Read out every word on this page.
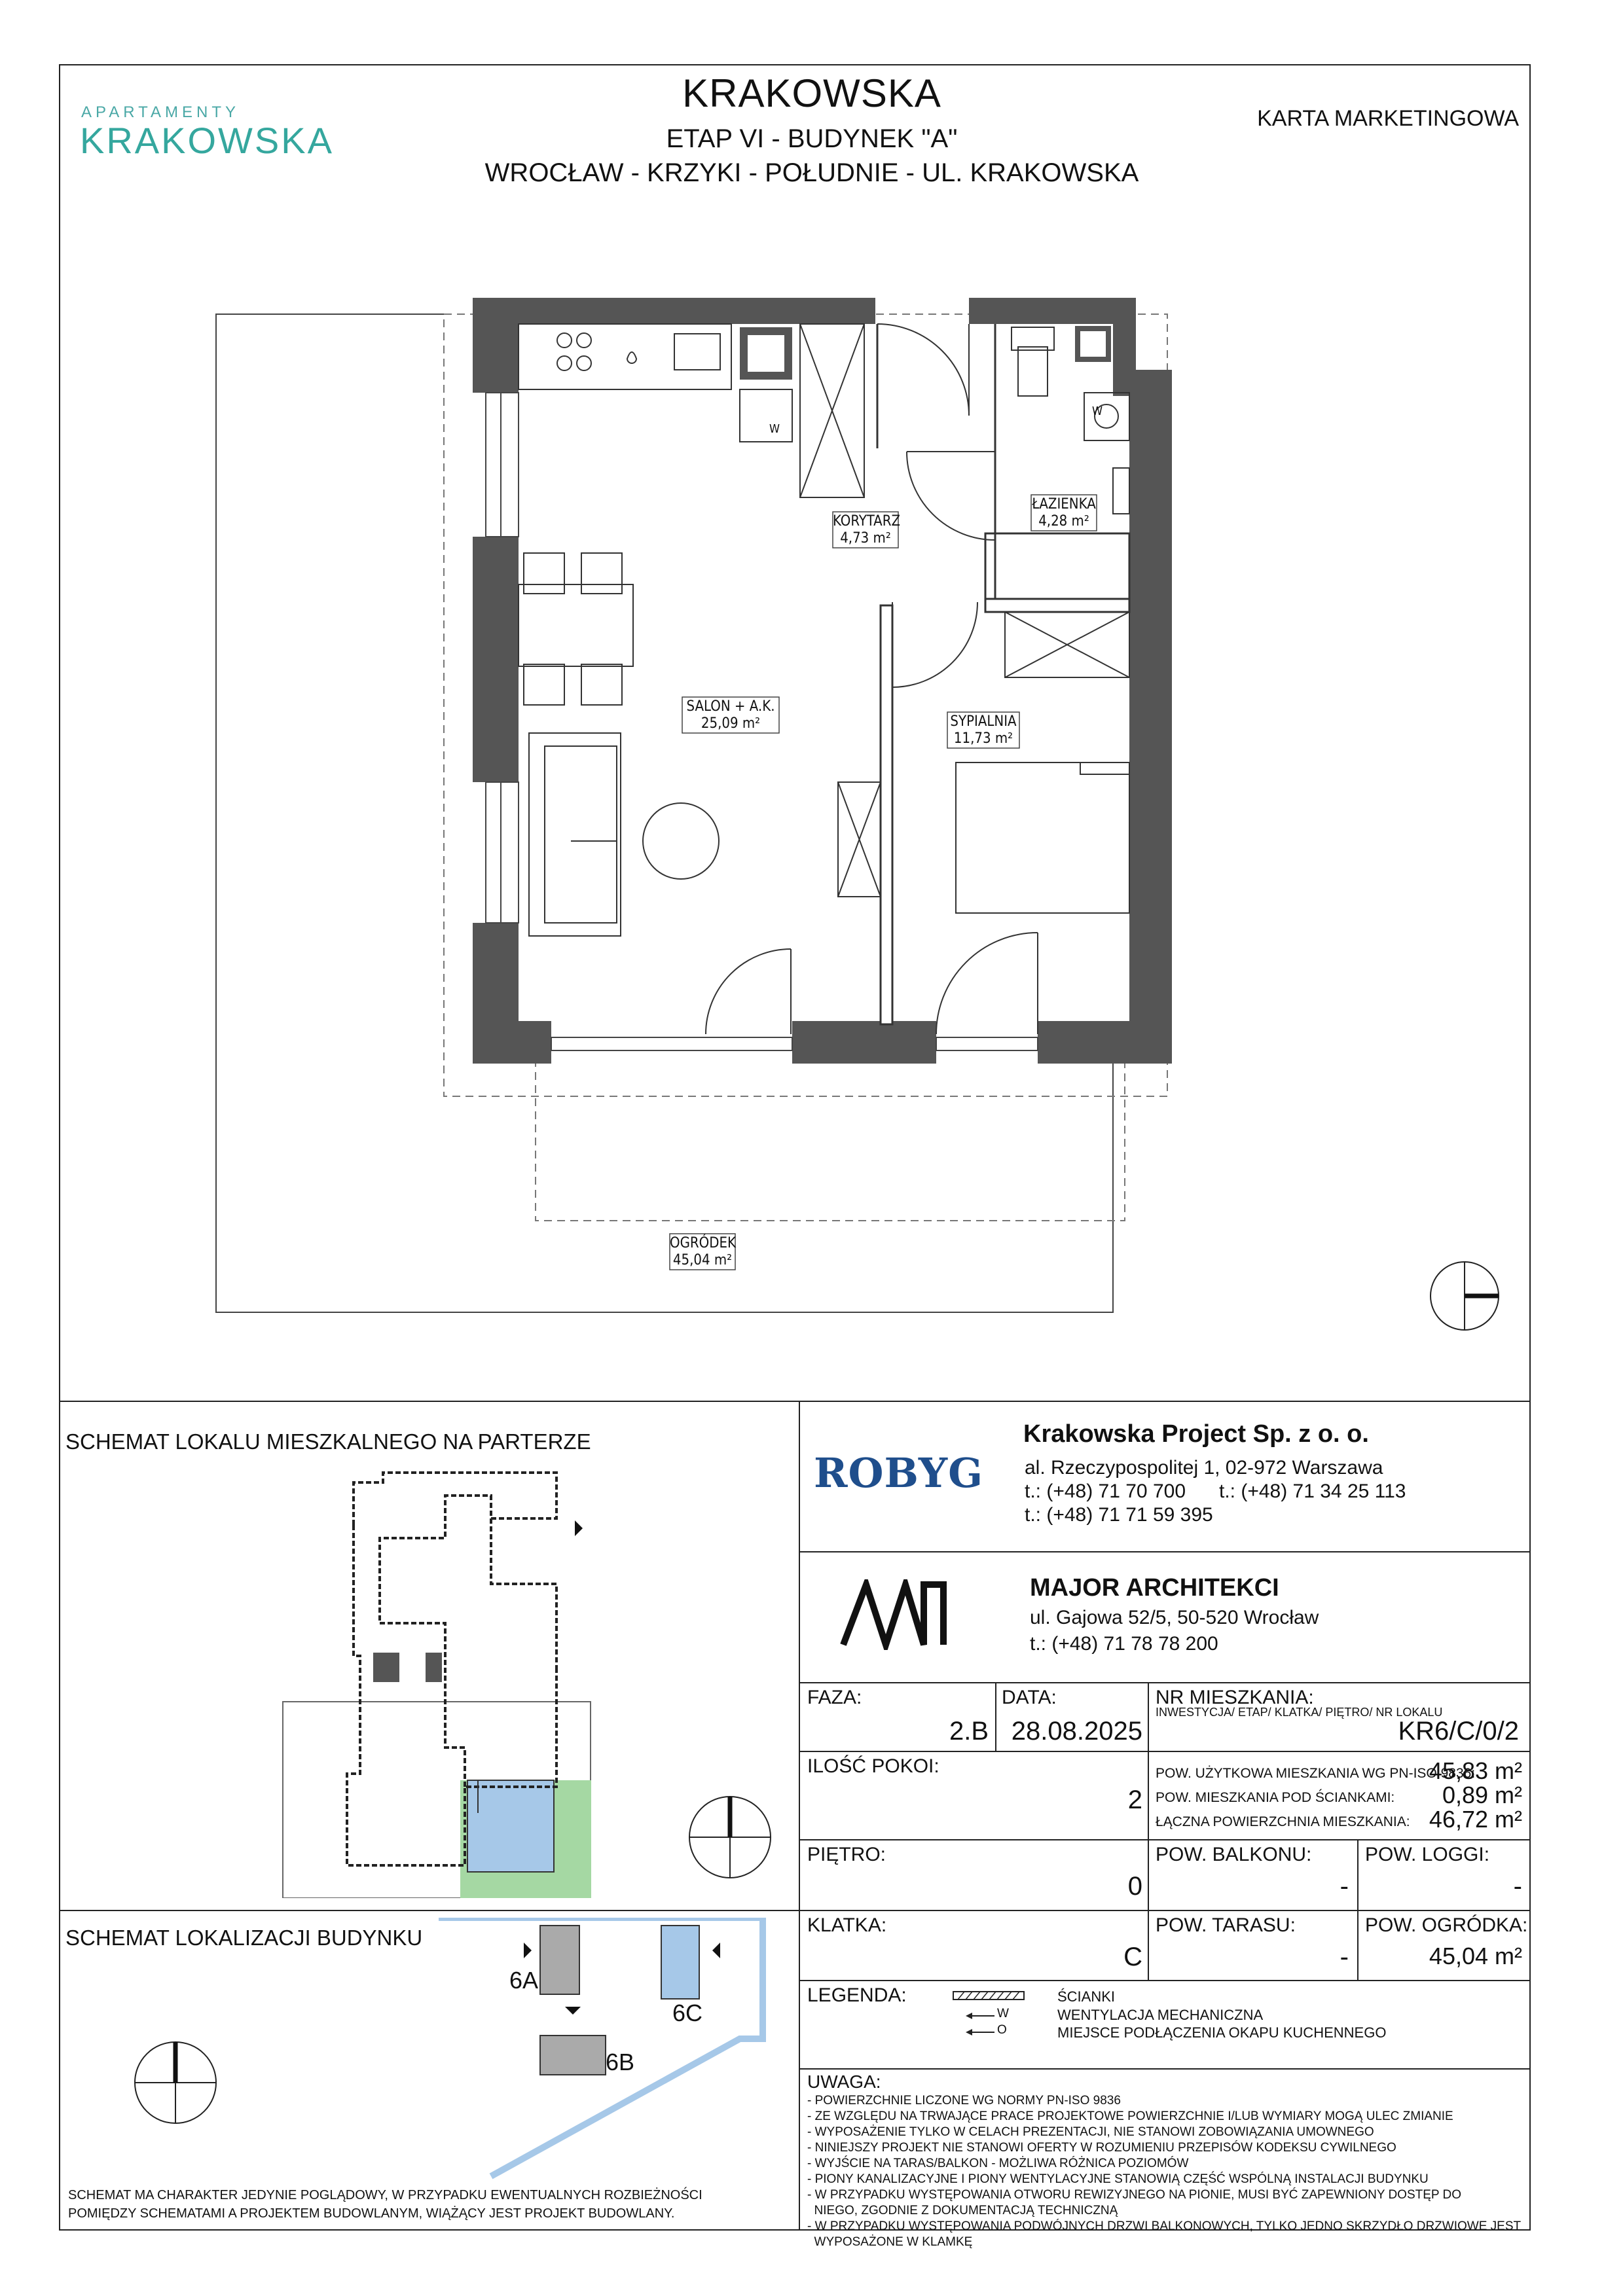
APARTAMENTY
KRAKOWSKA
KRAKOWSKA
ETAP VI - BUDYNEK "A"
WROCŁAW - KRZYKI - POŁUDNIE - UL. KRAKOWSKA
KARTA MARKETINGOWA
KORYTARZ
4,73 m²
ŁAZIENKA
4,28 m²
SALON + A.K.
25,09 m²	SYPIALNIA
11,73 m²
OGRÓDEK
45,04 m²
W
W
SCHEMAT LOKALU MIESZKALNEGO NA PARTERZE
SCHEMAT LOKALIZACJI BUDYNKU
6A
6B
6C
SCHEMAT MA CHARAKTER JEDYNIE POGLĄDOWY, W PRZYPADKU EWENTUALNYCH ROZBIEŻNOŚCI POMIĘDZY SCHEMATAMI A PROJEKTEM BUDOWLANYM, WIĄŻĄCY JEST PROJEKT BUDOWLANY.
ROBYG
Krakowska Project Sp. z o. o.
al. Rzeczypospolitej 1, 02-972 Warszawa
t.: (+48) 71 70 700 t.: (+48) 71 34 25 113
t.: (+48) 71 71 59 395
MAJOR ARCHITEKCI
ul. Gajowa 52/5, 50-520 Wrocław
t.: (+48) 71 78 78 200
FAZA:
2.B
DATA:
28.08.2025
NR MIESZKANIA:
INWESTYCJA/ ETAP/ KLATKA/ PIĘTRO/ NR LOKALU
KR6/C/0/2
ILOŚĆ POKOI:
2
POW. UŻYTKOWA MIESZKANIA WG PN-ISO 9836:
45,83 m²
POW. MIESZKANIA POD ŚCIANKAMI:	0,89 m²
ŁĄCZNA POWIERZCHNIA MIESZKANIA: 46,72 m²
PIĘTRO:
0
POW. BALKONU:
-
POW. LOGGI:
-
KLATKA:
C
POW. TARASU:
-
POW. OGRÓDKA:
45,04 m²
LEGENDA:
W
O
ŚCIANKI
WENTYLACJA MECHANICZNA
MIEJSCE PODŁĄCZENIA OKAPU KUCHENNEGO
UWAGA:
- POWIERZCHNIE LICZONE WG NORMY PN-ISO 9836
- ZE WZGLĘDU NA TRWAJĄCE PRACE PROJEKTOWE POWIERZCHNIE I/LUB WYMIARY MOGĄ ULEC ZMIANIE
- WYPOSAŻENIE TYLKO W CELACH PREZENTACJI, NIE STANOWI ZOBOWIĄZANIA UMOWNEGO
- NINIEJSZY PROJEKT NIE STANOWI OFERTY W ROZUMIENIU PRZEPISÓW KODEKSU CYWILNEGO
- WYJŚCIE NA TARAS/BALKON - MOŻLIWA RÓŻNICA POZIOMÓW
- PIONY KANALIZACYJNE I PIONY WENTYLACYJNE STANOWIĄ CZĘŚĆ WSPÓLNĄ INSTALACJI BUDYNKU
- W PRZYPADKU WYSTĘPOWANIA OTWORU REWIZYJNEGO NA PIONIE, MUSI BYĆ ZAPEWNIONY DOSTĘP DO
NIEGO, ZGODNIE Z DOKUMENTACJĄ TECHNICZNĄ
- W PRZYPADKU WYSTĘPOWANIA PODWÓJNYCH DRZWI BALKONOWYCH, TYLKO JEDNO SKRZYDŁO DRZWIOWE JEST
WYPOSAŻONE W KLAMKĘ
